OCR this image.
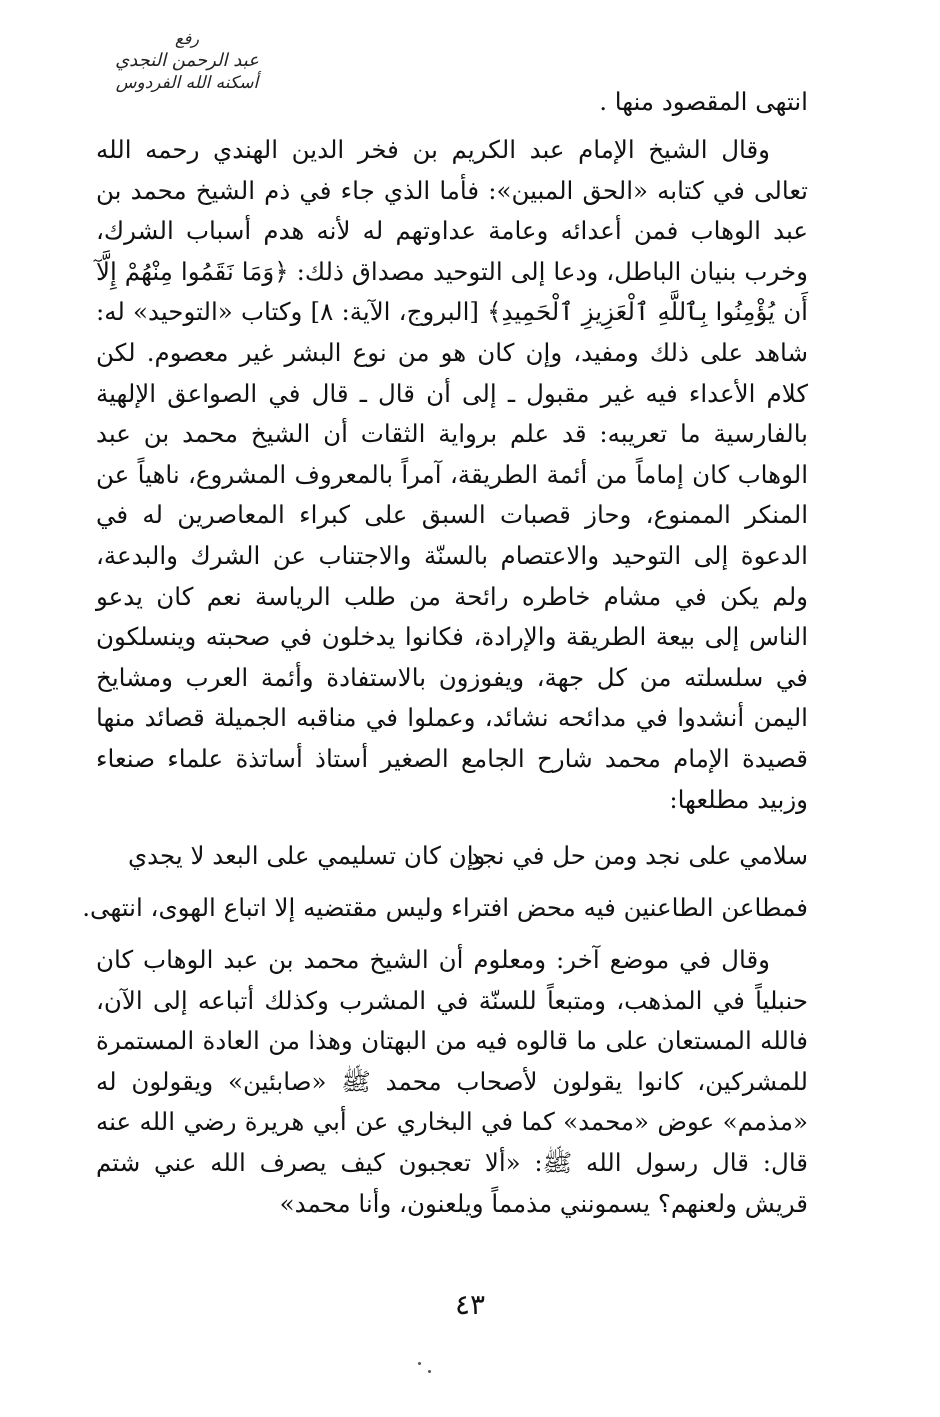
رفع
عبد الرحمن النجدي
أسكنه الله الفردوس
انتهى المقصود منها .
وقال الشيخ الإمام عبد الكريم بن فخر الدين الهندي رحمه الله تعالى في كتابه «الحق المبين»: فأما الذي جاء في ذم الشيخ محمد بن عبد الوهاب فمن أعدائه وعامة عداوتهم له لأنه هدم أسباب الشرك، وخرب بنيان الباطل، ودعا إلى التوحيد مصداق ذلك: ﴿وَمَا نَقَمُوا مِنْهُمْ إِلَّآ أَن يُؤْمِنُوا بِٱللَّهِ ٱلْعَزِيزِ ٱلْحَمِيدِ﴾ [البروج، الآية: ٨] وكتاب «التوحيد» له: شاهد على ذلك ومفيد، وإن كان هو من نوع البشر غير معصوم. لكن كلام الأعداء فيه غير مقبول ـ إلى أن قال ـ قال في الصواعق الإلهية بالفارسية ما تعريبه: قد علم برواية الثقات أن الشيخ محمد بن عبد الوهاب كان إماماً من أئمة الطريقة، آمراً بالمعروف المشروع، ناهياً عن المنكر الممنوع، وحاز قصبات السبق على كبراء المعاصرين له في الدعوة إلى التوحيد والاعتصام بالسنّة والاجتناب عن الشرك والبدعة، ولم يكن في مشام خاطره رائحة من طلب الرياسة نعم كان يدعو الناس إلى بيعة الطريقة والإرادة، فكانوا يدخلون في صحبته وينسلكون في سلسلته من كل جهة، ويفوزون بالاستفادة وأئمة العرب ومشايخ اليمن أنشدوا في مدائحه نشائد، وعملوا في مناقبه الجميلة قصائد منها قصيدة الإمام محمد شارح الجامع الصغير أستاذ أساتذة علماء صنعاء وزبيد مطلعها:
سلامي على نجد ومن حل في نجد
وإن كان تسليمي على البعد لا يجدي
فمطاعن الطاعنين فيه محض افتراء وليس مقتضيه إلا اتباع الهوى، انتهى.
وقال في موضع آخر: ومعلوم أن الشيخ محمد بن عبد الوهاب كان حنبلياً في المذهب، ومتبعاً للسنّة في المشرب وكذلك أتباعه إلى الآن، فالله المستعان على ما قالوه فيه من البهتان وهذا من العادة المستمرة للمشركين، كانوا يقولون لأصحاب محمد ﷺ «صابئين» ويقولون له «مذمم» عوض «محمد» كما في البخاري عن أبي هريرة رضي الله عنه قال: قال رسول الله ﷺ: «ألا تعجبون كيف يصرف الله عني شتم قريش ولعنهم؟ يسمونني مذمماً ويلعنون، وأنا محمد»
٤٣
